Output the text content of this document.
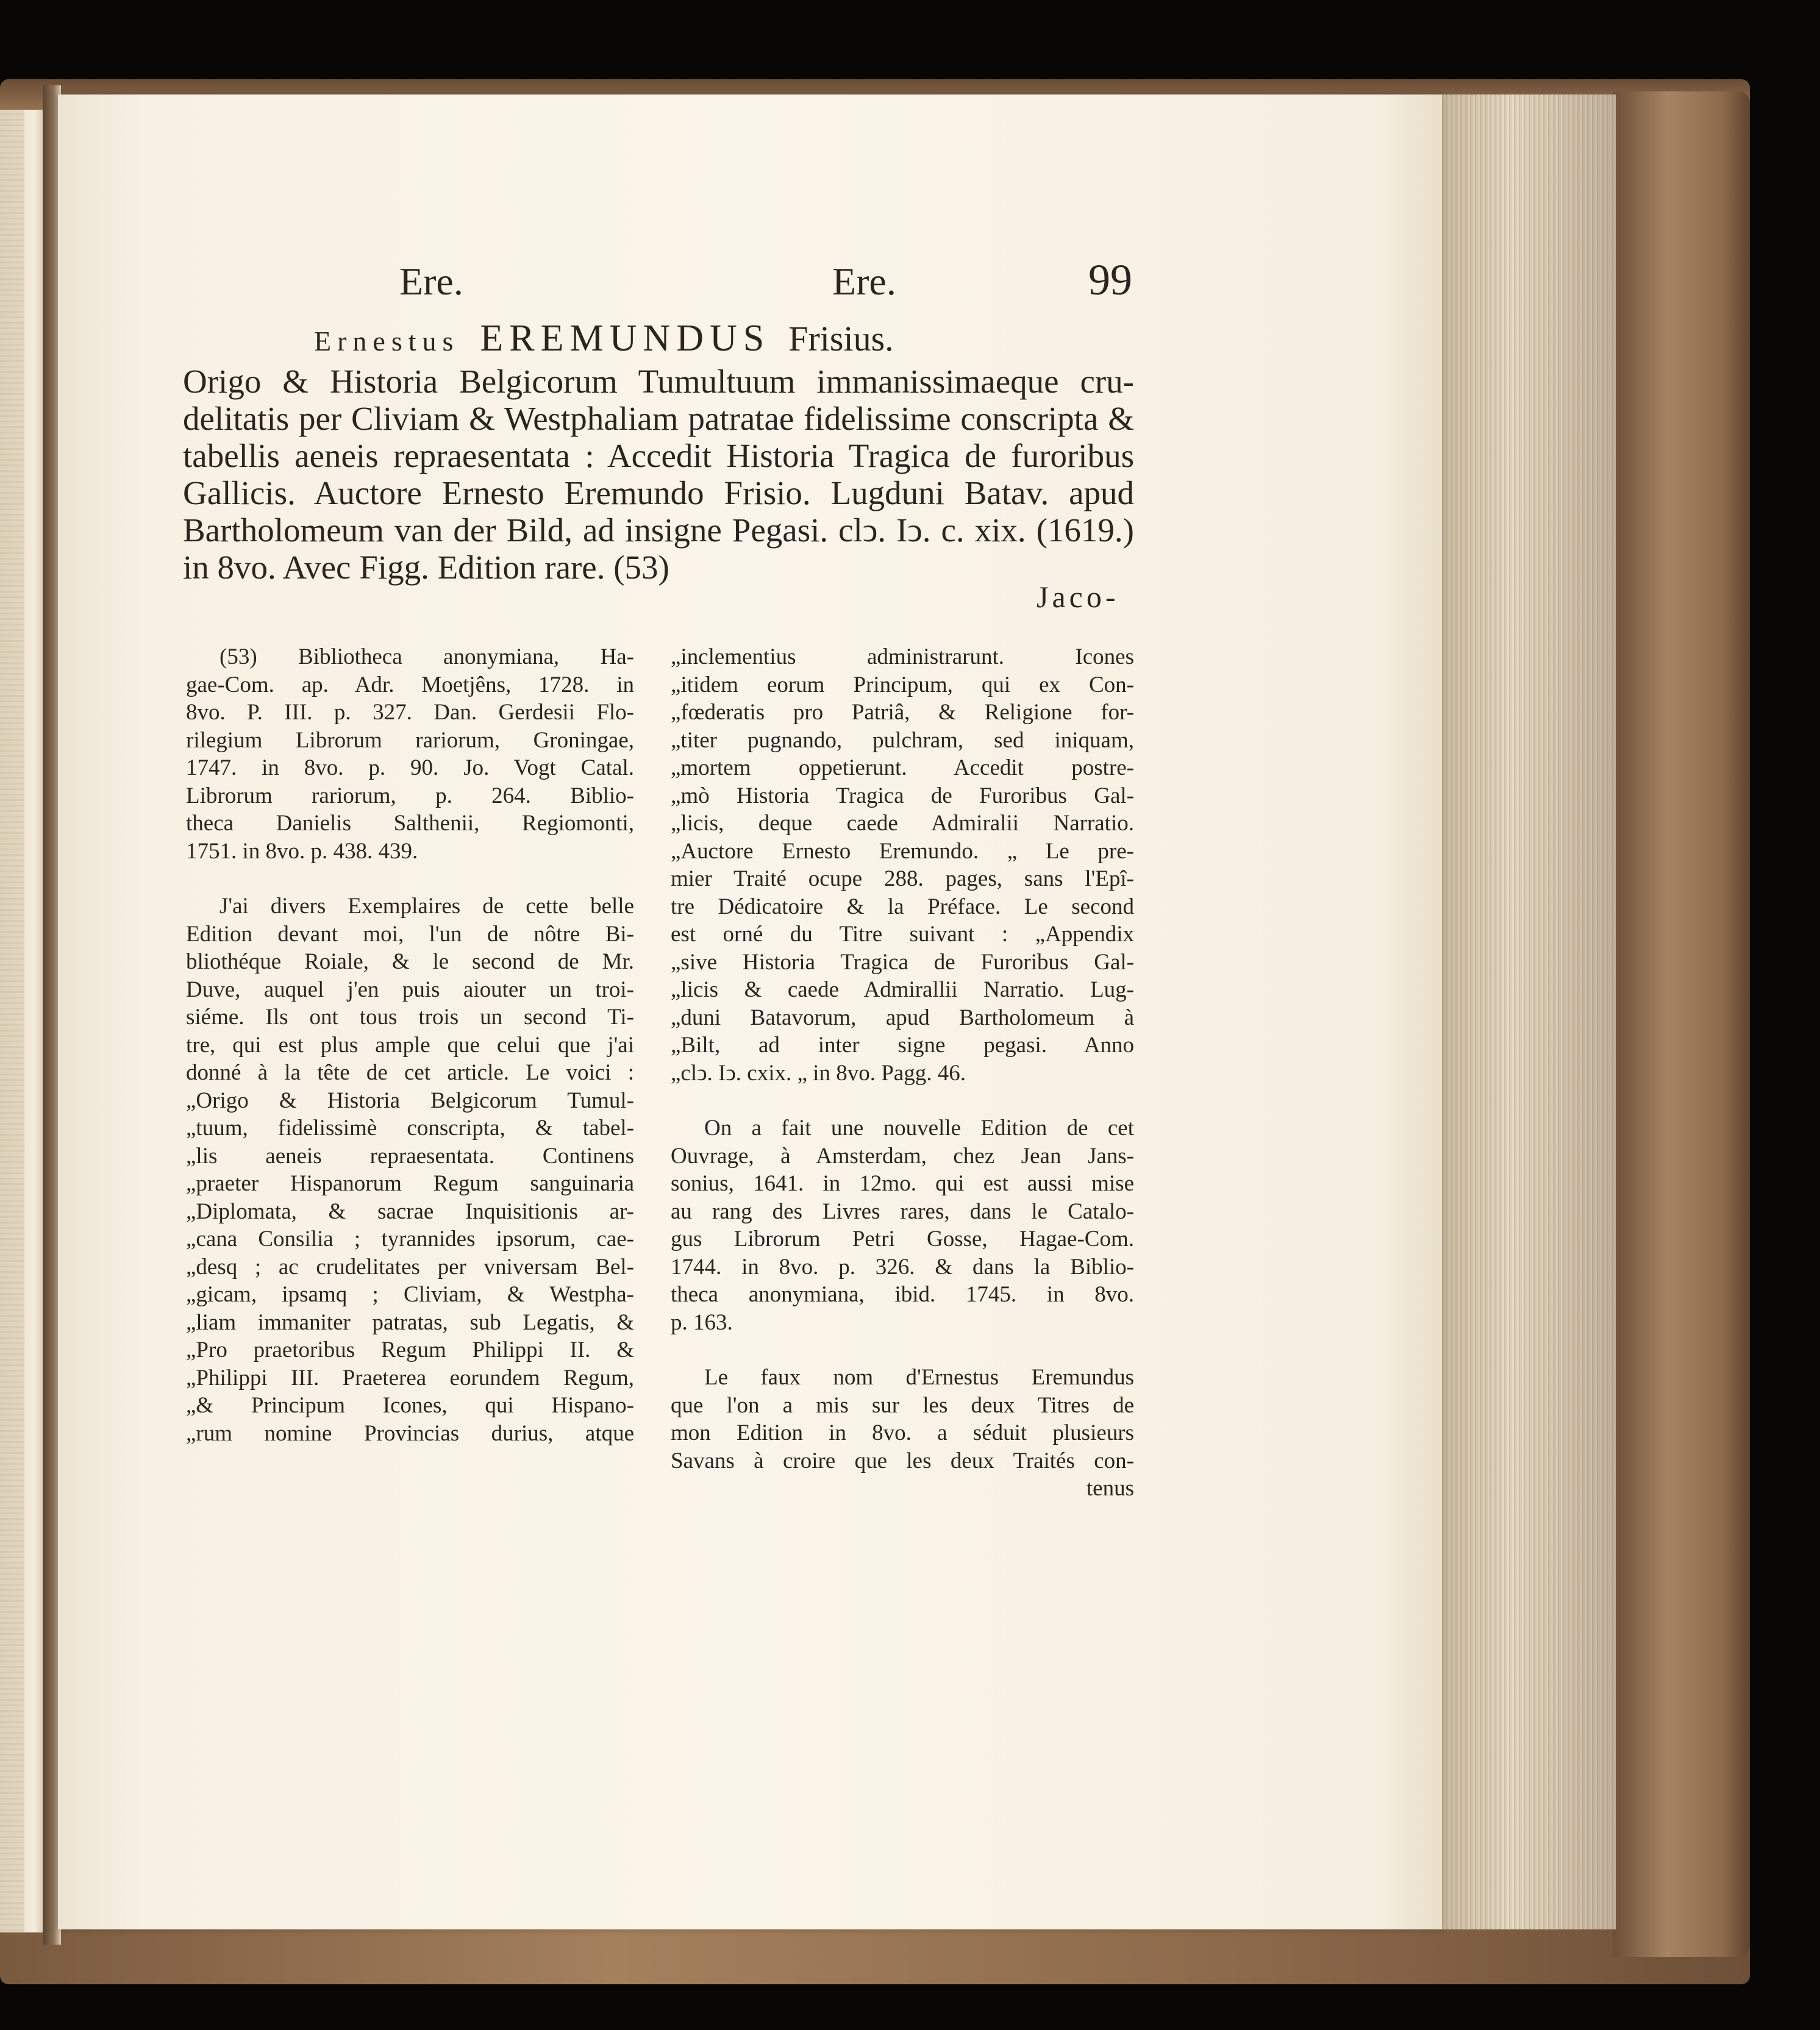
Ere.	Ere.	99
Ernestus EREMUNDUS Frisius.
Origo & Historia Belgicorum Tumultuum immanissimaeque cru-
delitatis per Cliviam & Westphaliam patratae fidelissime conscripta &
tabellis aeneis repraesentata : Accedit Historia Tragica de furoribus
Gallicis. Auctore Ernesto Eremundo Frisio. Lugduni Batav. apud
Bartholomeum van der Bild, ad insigne Pegasi. clↄ. Iↄ. c. xix. (1619.)
in 8vo. Avec Figg. Edition rare. (53)
Jaco-
(53) Bibliotheca anonymiana, Ha-
gae-Com. ap. Adr. Moetjêns, 1728. in
8vo. P. III. p. 327. Dan. Gerdesii Flo-
rilegium Librorum rariorum, Groningae,
1747. in 8vo. p. 90. Jo. Vogt Catal.
Librorum rariorum, p. 264. Biblio-
theca Danielis Salthenii, Regiomonti,
1751. in 8vo. p. 438. 439.
J'ai divers Exemplaires de cette belle
Edition devant moi, l'un de nôtre Bi-
bliothéque Roiale, & le second de Mr.
Duve, auquel j'en puis aiouter un troi-
siéme. Ils ont tous trois un second Ti-
tre, qui est plus ample que celui que j'ai
donné à la tête de cet article. Le voici :
„Origo & Historia Belgicorum Tumul-
„tuum, fidelissimè conscripta, & tabel-
„lis aeneis repraesentata. Continens
„praeter Hispanorum Regum sanguinaria
„Diplomata, & sacrae Inquisitionis ar-
„cana Consilia ; tyrannides ipsorum, cae-
„desq ; ac crudelitates per vniversam Bel-
„gicam, ipsamq ; Cliviam, & Westpha-
„liam immaniter patratas, sub Legatis, &
„Pro praetoribus Regum Philippi II. &
„Philippi III. Praeterea eorundem Regum,
„& Principum Icones, qui Hispano-
„rum nomine Provincias durius, atque
„inclementius administrarunt. Icones
„itidem eorum Principum, qui ex Con-
„fœderatis pro Patriâ, & Religione for-
„titer pugnando, pulchram, sed iniquam,
„mortem oppetierunt. Accedit postre-
„mò Historia Tragica de Furoribus Gal-
„licis, deque caede Admiralii Narratio.
„Auctore Ernesto Eremundo. „ Le pre-
mier Traité ocupe 288. pages, sans l'Epî-
tre Dédicatoire & la Préface. Le second
est orné du Titre suivant : „Appendix
„sive Historia Tragica de Furoribus Gal-
„licis & caede Admirallii Narratio. Lug-
„duni Batavorum, apud Bartholomeum à
„Bilt, ad inter signe pegasi. Anno
„clↄ. Iↄ. cxix. „ in 8vo. Pagg. 46.
On a fait une nouvelle Edition de cet
Ouvrage, à Amsterdam, chez Jean Jans-
sonius, 1641. in 12mo. qui est aussi mise
au rang des Livres rares, dans le Catalo-
gus Librorum Petri Gosse, Hagae-Com.
1744. in 8vo. p. 326. & dans la Biblio-
theca anonymiana, ibid. 1745. in 8vo.
p. 163.
Le faux nom d'Ernestus Eremundus
que l'on a mis sur les deux Titres de
mon Edition in 8vo. a séduit plusieurs
Savans à croire que les deux Traités con-
tenus
